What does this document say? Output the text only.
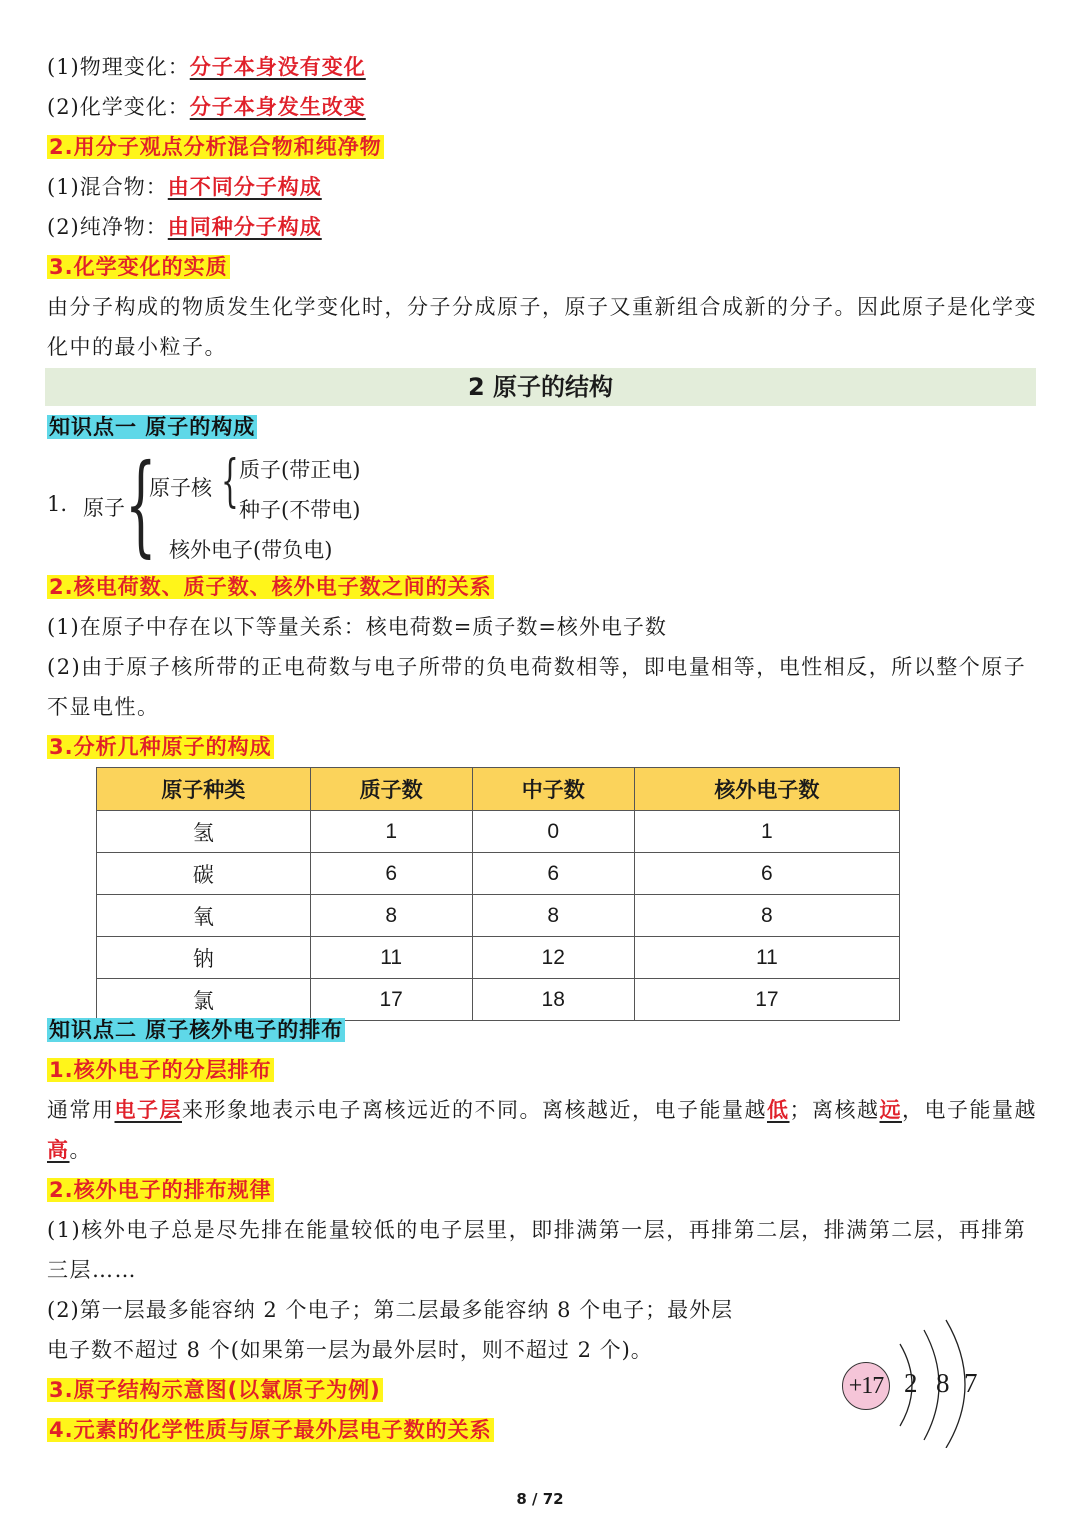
(1)物理变化：分子本身没有变化
(2)化学变化：分子本身发生改变
2.用分子观点分析混合物和纯净物
(1)混合物：由不同分子构成
(2)纯净物：由同种分子构成
3.化学变化的实质
由分子构成的物质发生化学变化时，分子分成原子，原子又重新组合成新的分子。因此原子是化学变化中的最小粒子。
2 原子的结构
知识点一 原子的构成
1. 原子 {
原子核 { 质子(带正电)
种子(不带电)
核外电子(带负电)
2.核电荷数、质子数、核外电子数之间的关系
(1)在原子中存在以下等量关系：核电荷数=质子数=核外电子数
(2)由于原子核所带的正电荷数与电子所带的负电荷数相等，即电量相等，电性相反，所以整个原子不显电性。
3.分析几种原子的构成
原子种类	质子数	中子数	核外电子数
氢	1	0	1
碳	6	6	6
氧	8	8	8
钠	11	12	11
氯	17	18	17
知识点二 原子核外电子的排布
1.核外电子的分层排布
通常用电子层来形象地表示电子离核远近的不同。离核越近，电子能量越低；离核越远，电子能量越高。
2.核外电子的排布规律
(1)核外电子总是尽先排在能量较低的电子层里，即排满第一层，再排第二层，排满第二层，再排第三层……
(2)第一层最多能容纳 2 个电子；第二层最多能容纳 8 个电子；最外层
电子数不超过 8 个(如果第一层为最外层时，则不超过 2 个)。
3.原子结构示意图(以氯原子为例)
4.元素的化学性质与原子最外层电子数的关系
+17 2 8 7
8 / 72
